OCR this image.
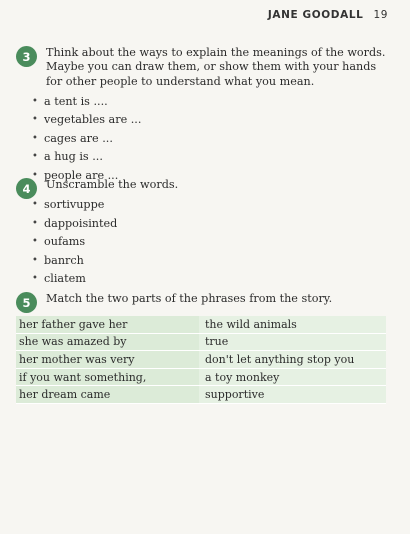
JANE GOODALL 19
3	Think about the ways to explain the meanings of the words. Maybe you can draw them, or show them with your hands for other people to understand what you mean.

• a tent is ....
• vegetables are ...
• cages are ...
• a hug is ...
• people are ...
4	Unscramble the words.

• sortivuppe
• dappoisinted
• oufams
• banrch
• cliatem
5	Match the two parts of the phrases from the story.

her father gave her	the wild animals
she was amazed by	true
her mother was very	don't let anything stop you
if you want something,	a toy monkey
her dream came	supportive
